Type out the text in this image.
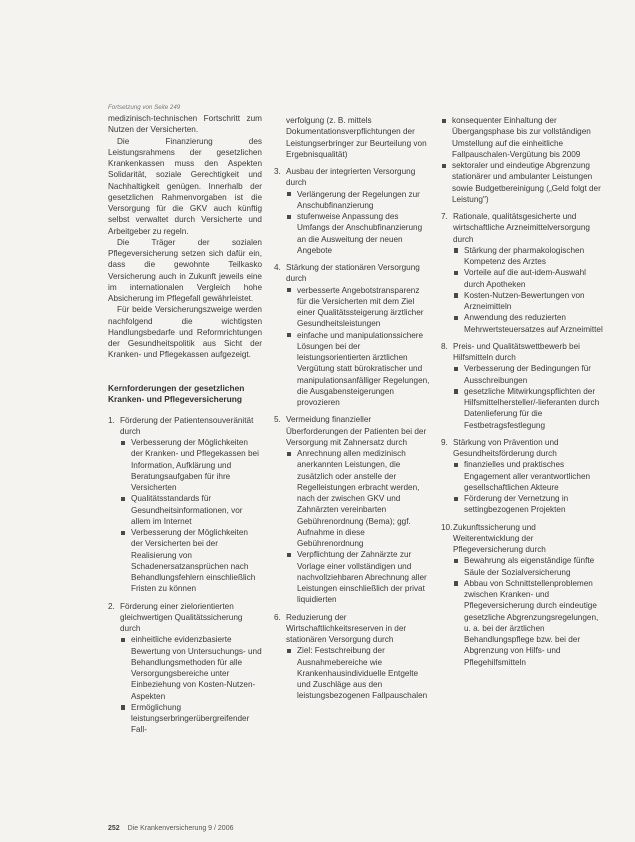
Fortsetzung von Seite 249

medizinisch-technischen Fortschritt zum Nutzen der Versicherten.

Die Finanzierung des Leistungsrahmens der gesetzlichen Krankenkassen muss den Aspekten Solidarität, soziale Gerechtigkeit und Nachhaltigkeit genügen. Innerhalb der gesetzlichen Rahmenvorgaben ist die Versorgung für die GKV auch künftig selbst verwaltet durch Versicherte und Arbeitgeber zu regeln.

Die Träger der sozialen Pflegeversicherung setzen sich dafür ein, dass die gewohnte Teilkasko Versicherung auch in Zukunft jeweils eine im internationalen Vergleich hohe Absicherung im Pflegefall gewährleistet.

Für beide Versicherungszweige werden nachfolgend die wichtigsten Handlungsbedarfe und Reformrichtungen der Gesundheitspolitik aus Sicht der Kranken- und Pflegekassen aufgezeigt.

Kernforderungen der gesetzlichen Kranken- und Pflegeversicherung
1. Förderung der Patientensouveränität durch
Verbesserung der Möglichkeiten der Kranken- und Pflegekassen bei Information, Aufklärung und Beratungsaufgaben für ihre Versicherten
Qualitätsstandards für Gesundheitsinformationen, vor allem im Internet
Verbesserung der Möglichkeiten der Versicherten bei der Realisierung von Schadenersatzansprüchen nach Behandlungsfehlern einschließlich Fristen zu können
2. Förderung einer zielorientierten gleichwertigen Qualitätssicherung durch
einheitliche evidenzbasierte Bewertung von Untersuchungs- und Behandlungsmethoden für alle Versorgungsbereiche unter Einbeziehung von Kosten-Nutzen-Aspekten
Ermöglichung leistungserbringerübergreifender Fall-
verfolgung (z. B. mittels Dokumentationsverpflichtungen der Leistungserbringer zur Beurteilung von Ergebnisqualität)
3. Ausbau der integrierten Versorgung durch
Verlängerung der Regelungen zur Anschubfinanzierung
stufenweise Anpassung des Umfangs der Anschubfinanzierung an die Ausweitung der neuen Angebote
4. Stärkung der stationären Versorgung durch
verbesserte Angebotstransparenz für die Versicherten mit dem Ziel einer Qualitätssteigerung ärztlicher Gesundheitsleistungen
einfache und manipulationssichere Lösungen bei der leistungsorientierten ärztlichen Vergütung statt bürokratischer und manipulationsanfälliger Regelungen, die Ausgabensteigerungen provozieren
5. Vermeidung finanzieller Überforderungen der Patienten bei der Versorgung mit Zahnersatz durch
Anrechnung allen medizinisch anerkannten Leistungen, die zusätzlich oder anstelle der Regelleistungen erbracht werden, nach der zwischen GKV und Zahnärzten vereinbarten Gebührenordnung (Bema); ggf. Aufnahme in diese Gebührenordnung
Verpflichtung der Zahnärzte zur Vorlage einer vollständigen und nachvollziehbaren Abrechnung aller Leistungen einschließlich der privat liquidierten
6. Reduzierung der Wirtschaftlichkeitsreserven in der stationären Versorgung durch
Ziel: Festschreibung der Ausnahmebereiche wie Krankenhausindividuelle Entgelte und Zuschläge aus den leistungsbezogenen Fallpauschalen
konsequenter Einhaltung der Übergangsphase bis zur vollständigen Umstellung auf die einheitliche Fallpauschalen-Vergütung bis 2009
sektoraler und eindeutige Abgrenzung stationärer und ambulanter Leistungen sowie Budgetbereinigung („Geld folgt der Leistung")
7. Rationale, qualitätsgesicherte und wirtschaftliche Arzneimittelversorgung durch
Stärkung der pharmakologischen Kompetenz des Arztes
Vorteile auf die aut-idem-Auswahl durch Apotheken
Kosten-Nutzen-Bewertungen von Arzneimitteln
Anwendung des reduzierten Mehrwertsteuersatzes auf Arzneimittel
8. Preis- und Qualitätswettbewerb bei Hilfsmitteln durch
Verbesserung der Bedingungen für Ausschreibungen
gesetzliche Mitwirkungspflichten der Hilfsmittelhersteller/-lieferanten durch Datenlieferung für die Festbetragsfestlegung
9. Stärkung von Prävention und Gesundheitsförderung durch
finanzielles und praktisches Engagement aller verantwortlichen gesellschaftlichen Akteure
Förderung der Vernetzung in settingbezogenen Projekten
10. Zukunftssicherung und Weiterentwicklung der Pflegeversicherung durch
Bewahrung als eigenständige fünfte Säule der Sozialversicherung
Abbau von Schnittstellenproblemen zwischen Kranken- und Pflegeversicherung durch eindeutige gesetzliche Abgrenzungsregelungen, u. a. bei der ärztlichen Behandlungspflege bzw. bei der Abgrenzung von Hilfs- und Pflegehilfsmitteln
252 Die Krankenversicherung 9 / 2006
